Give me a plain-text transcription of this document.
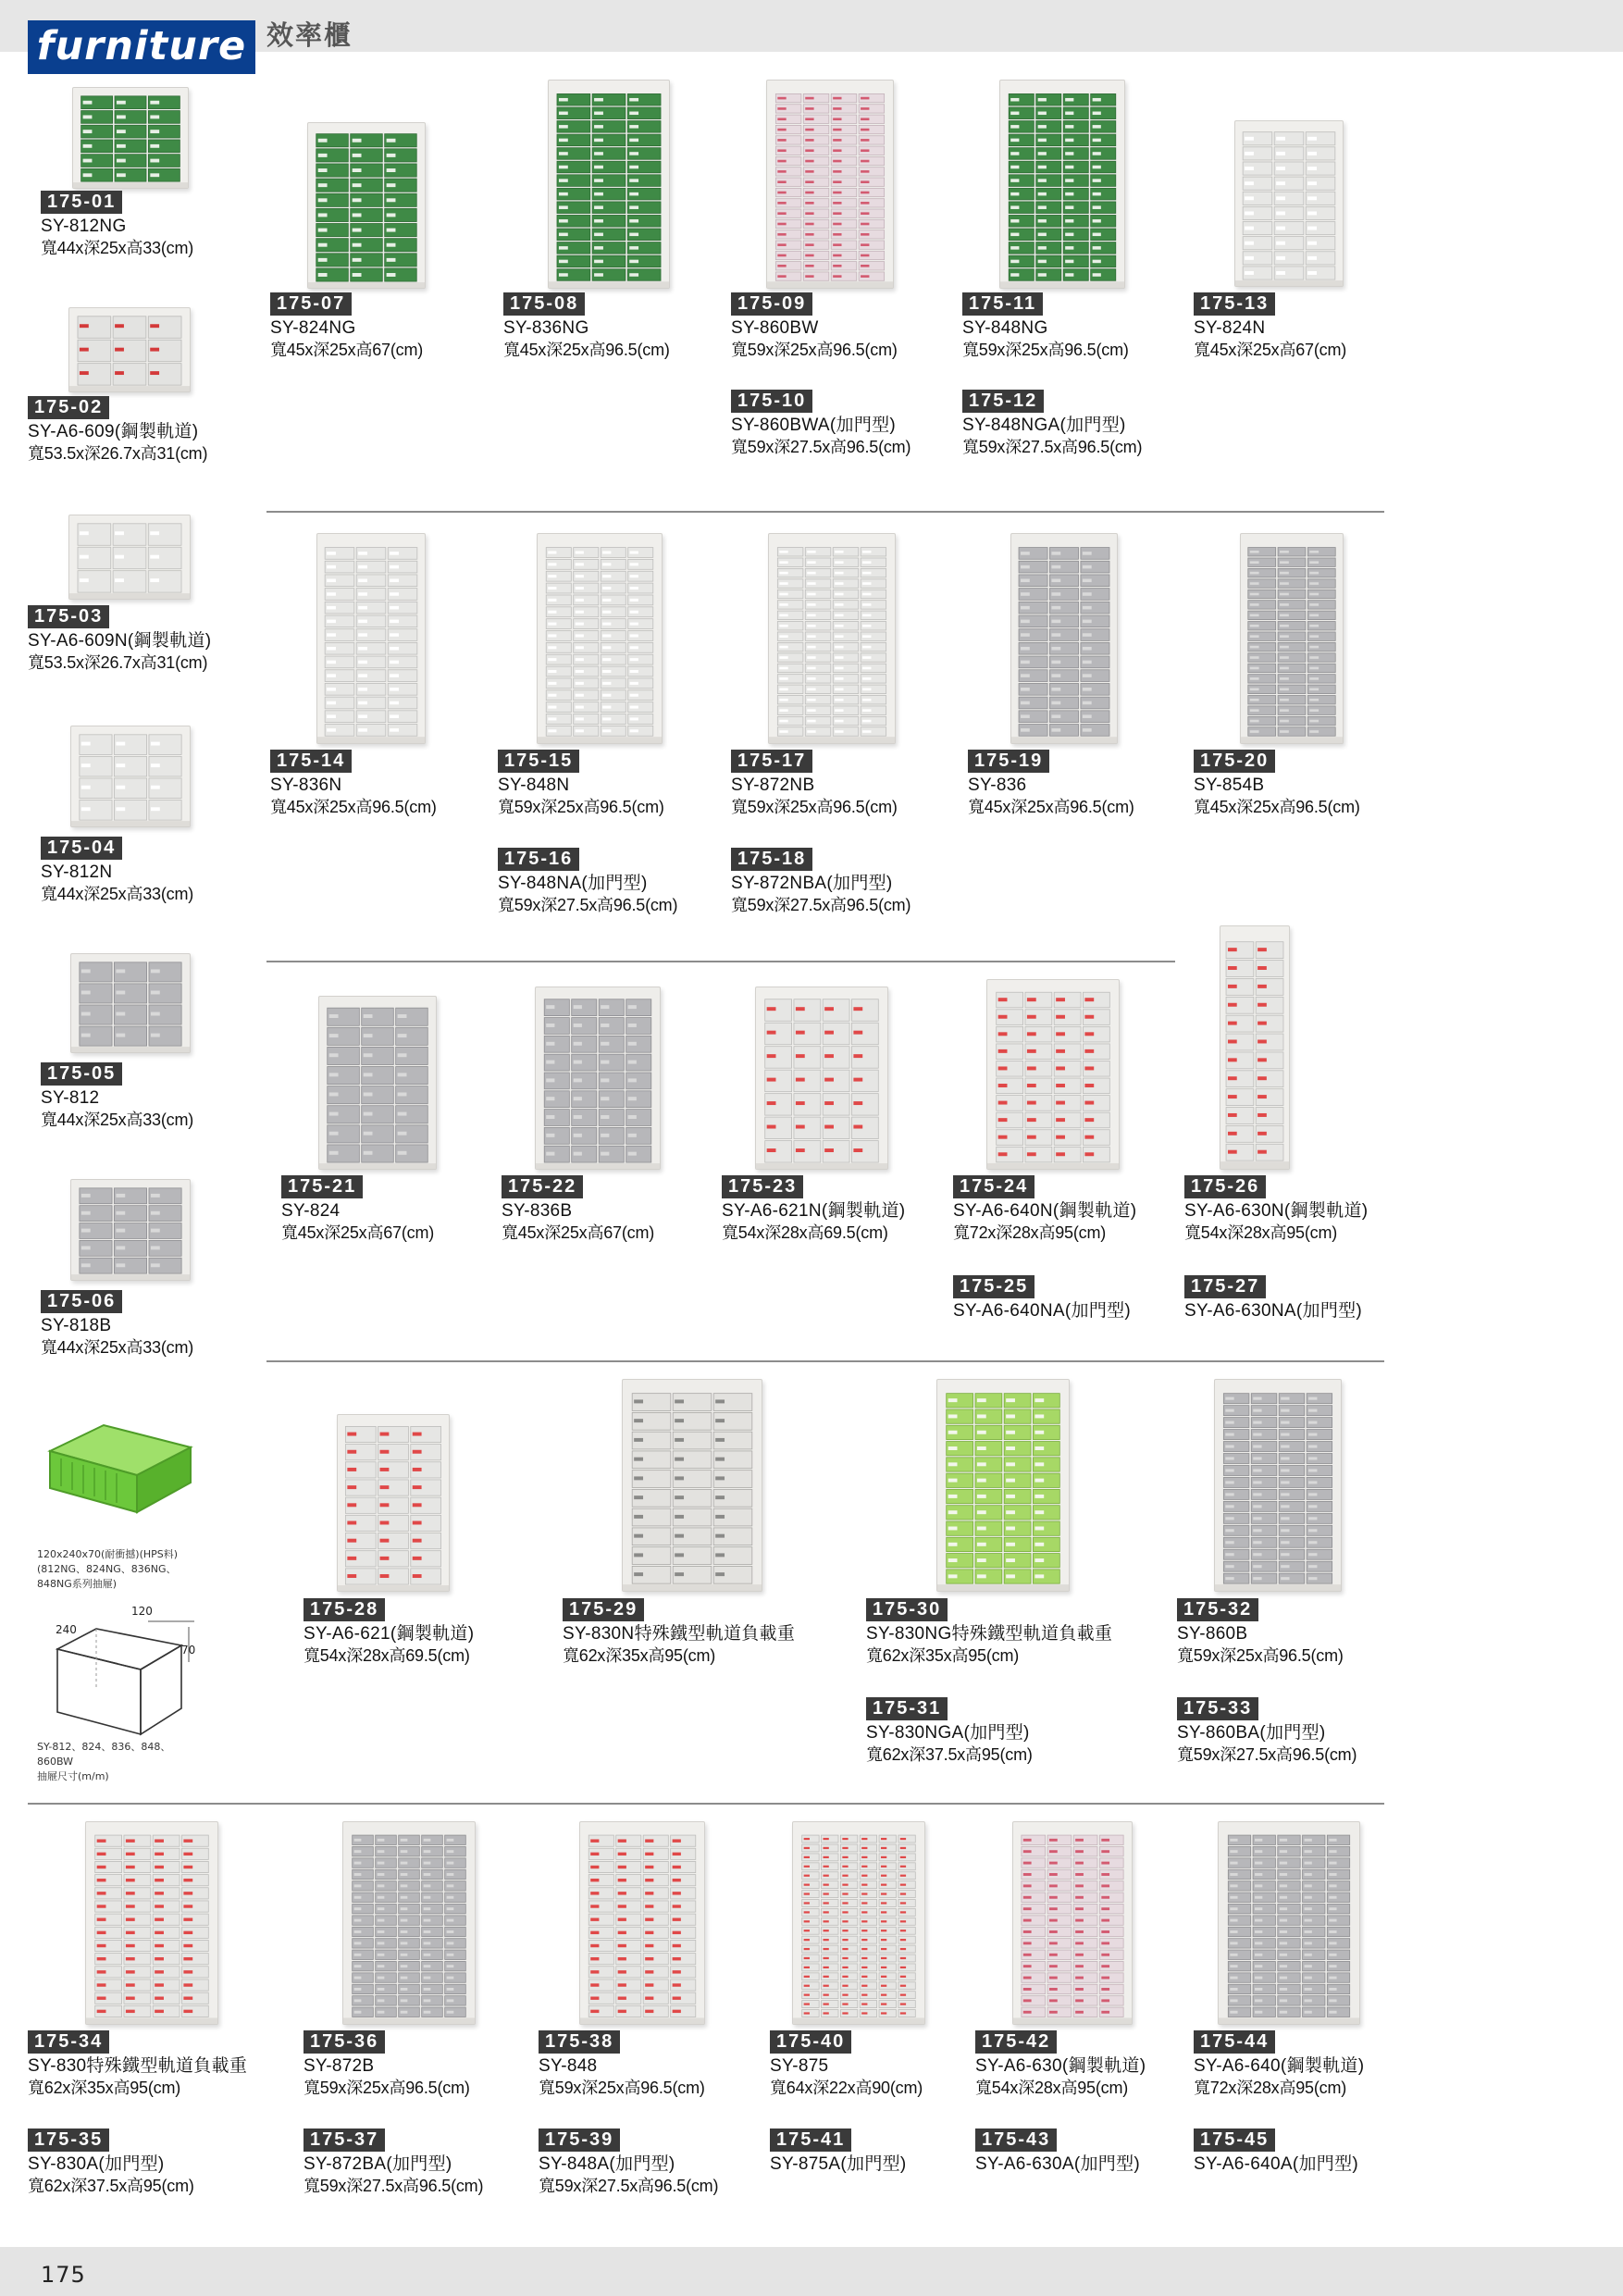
furniture 效率櫃
120x240x70(耐衝撼)(HPS料)
(812NG、824NG、836NG、
848NG系列抽屜)
120
240
70
SY-812、824、836、848、
860BW
抽屜尺寸(m/m)
175
175-01
SY-812NG
寬44x深25x高33(cm)
175-02
SY-A6-609(鋼製軌道)
寬53.5x深26.7x高31(cm)
175-03
SY-A6-609N(鋼製軌道)
寬53.5x深26.7x高31(cm)
175-04
SY-812N
寬44x深25x高33(cm)
175-05
SY-812
寬44x深25x高33(cm)
175-06
SY-818B
寬44x深25x高33(cm)
175-07
SY-824NG
寬45x深25x高67(cm)
175-08
SY-836NG
寬45x深25x高96.5(cm)
175-09
SY-860BW
寬59x深25x高96.5(cm)
175-10
SY-860BWA(加門型)
寬59x深27.5x高96.5(cm)
175-11
SY-848NG
寬59x深25x高96.5(cm)
175-12
SY-848NGA(加門型)
寬59x深27.5x高96.5(cm)
175-13
SY-824N
寬45x深25x高67(cm)
175-14
SY-836N
寬45x深25x高96.5(cm)
175-15
SY-848N
寬59x深25x高96.5(cm)
175-16
SY-848NA(加門型)
寬59x深27.5x高96.5(cm)
175-17
SY-872NB
寬59x深25x高96.5(cm)
175-18
SY-872NBA(加門型)
寬59x深27.5x高96.5(cm)
175-19
SY-836
寬45x深25x高96.5(cm)
175-20
SY-854B
寬45x深25x高96.5(cm)
175-21
SY-824
寬45x深25x高67(cm)
175-22
SY-836B
寬45x深25x高67(cm)
175-23
SY-A6-621N(鋼製軌道)
寬54x深28x高69.5(cm)
175-24
SY-A6-640N(鋼製軌道)
寬72x深28x高95(cm)
175-25
SY-A6-640NA(加門型)
175-26
SY-A6-630N(鋼製軌道)
寬54x深28x高95(cm)
175-27
SY-A6-630NA(加門型)
175-28
SY-A6-621(鋼製軌道)
寬54x深28x高69.5(cm)
175-29
SY-830N特殊鐵型軌道負載重
寬62x深35x高95(cm)
175-30
SY-830NG特殊鐵型軌道負載重
寬62x深35x高95(cm)
175-31
SY-830NGA(加門型)
寬62x深37.5x高95(cm)
175-32
SY-860B
寬59x深25x高96.5(cm)
175-33
SY-860BA(加門型)
寬59x深27.5x高96.5(cm)
175-34
SY-830特殊鐵型軌道負載重
寬62x深35x高95(cm)
175-35
SY-830A(加門型)
寬62x深37.5x高95(cm)
175-36
SY-872B
寬59x深25x高96.5(cm)
175-37
SY-872BA(加門型)
寬59x深27.5x高96.5(cm)
175-38
SY-848
寬59x深25x高96.5(cm)
175-39
SY-848A(加門型)
寬59x深27.5x高96.5(cm)
175-40
SY-875
寬64x深22x高90(cm)
175-41
SY-875A(加門型)
175-42
SY-A6-630(鋼製軌道)
寬54x深28x高95(cm)
175-43
SY-A6-630A(加門型)
175-44
SY-A6-640(鋼製軌道)
寬72x深28x高95(cm)
175-45
SY-A6-640A(加門型)
